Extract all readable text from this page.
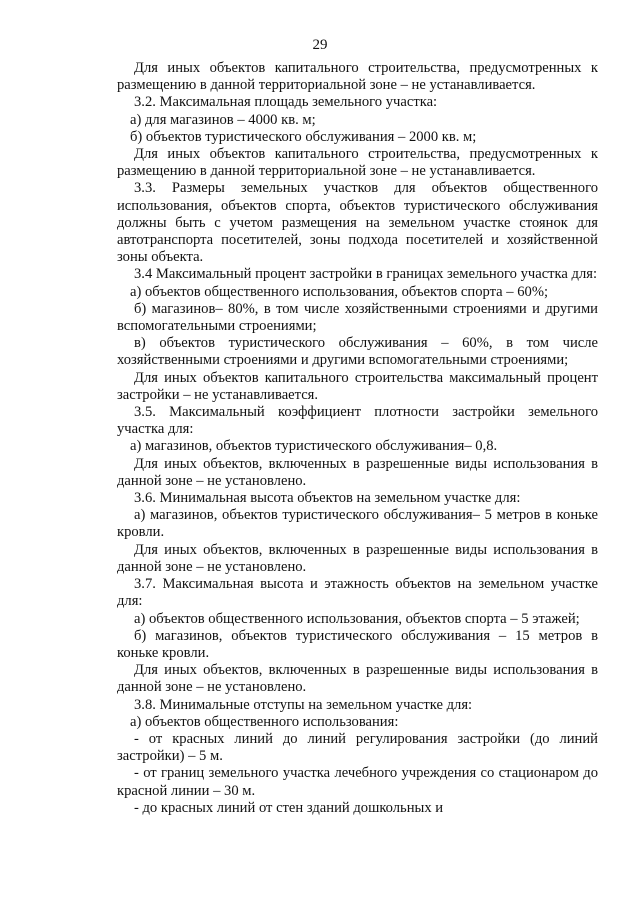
29

Для иных объектов капитального строительства, предусмотренных к размещению в данной территориальной зоне – не устанавливается.

3.2. Максимальная площадь земельного участка:

а) для магазинов – 4000 кв. м;

б) объектов туристического обслуживания – 2000 кв. м;

Для иных объектов капитального строительства, предусмотренных к размещению в данной территориальной зоне – не устанавливается.

3.3. Размеры земельных участков для объектов общественного использования, объектов спорта, объектов туристического обслуживания должны быть с учетом размещения на земельном участке стоянок для автотранспорта посетителей, зоны подхода посетителей и хозяйственной зоны объекта.

3.4 Максимальный процент застройки в границах земельного участка для:

а) объектов общественного использования, объектов спорта – 60%;

б) магазинов– 80%, в том числе хозяйственными строениями и другими вспомогательными строениями;

в) объектов туристического обслуживания – 60%, в том числе хозяйственными строениями и другими вспомогательными строениями;

Для иных объектов капитального строительства максимальный процент застройки – не устанавливается.

3.5. Максимальный коэффициент плотности застройки земельного участка для:

а) магазинов, объектов туристического обслуживания– 0,8.

Для иных объектов, включенных в разрешенные виды использования в данной зоне – не установлено.

3.6. Минимальная высота объектов на земельном участке для:

а) магазинов, объектов туристического обслуживания– 5 метров в коньке кровли.

Для иных объектов, включенных в разрешенные виды использования в данной зоне – не установлено.

3.7. Максимальная высота и этажность объектов на земельном участке для:

а) объектов общественного использования, объектов спорта – 5 этажей;

б) магазинов, объектов туристического обслуживания – 15 метров в коньке кровли.

Для иных объектов, включенных в разрешенные виды использования в данной зоне – не установлено.

3.8. Минимальные отступы на земельном участке для:

а) объектов общественного использования:

- от красных линий до линий регулирования застройки (до линий застройки) – 5 м.

- от границ земельного участка лечебного учреждения со стационаром до красной линии – 30 м.

- до красных линий от стен зданий дошкольных и
